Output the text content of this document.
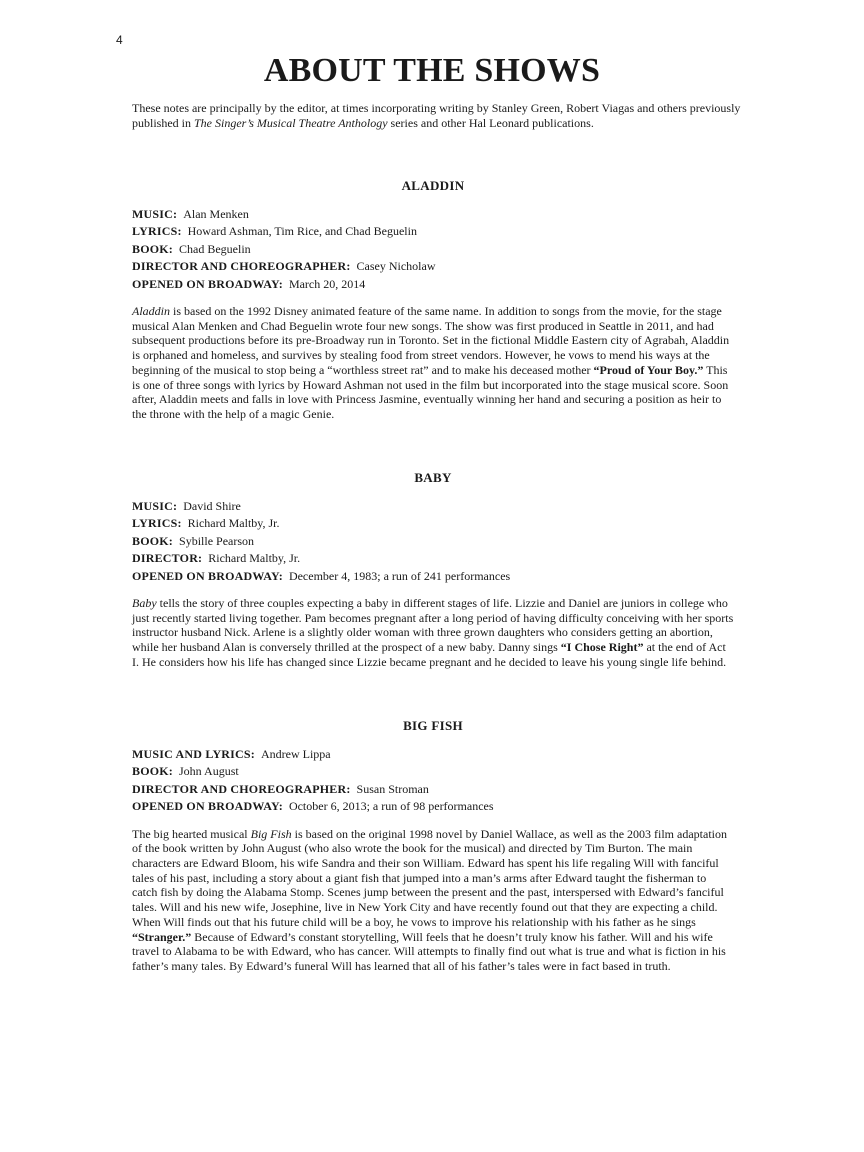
4
ABOUT THE SHOWS

These notes are principally by the editor, at times incorporating writing by Stanley Green, Robert Viagas and others previously published in The Singer’s Musical Theatre Anthology series and other Hal Leonard publications.

ALADDIN
MUSIC: Alan Menken
LYRICS: Howard Ashman, Tim Rice, and Chad Beguelin
BOOK: Chad Beguelin
DIRECTOR AND CHOREOGRAPHER: Casey Nicholaw
OPENED ON BROADWAY: March 20, 2014

Aladdin is based on the 1992 Disney animated feature of the same name. In addition to songs from the movie, for the stage musical Alan Menken and Chad Beguelin wrote four new songs. The show was first produced in Seattle in 2011, and had subsequent productions before its pre-Broadway run in Toronto. Set in the fictional Middle Eastern city of Agrabah, Aladdin is orphaned and homeless, and survives by stealing food from street vendors. However, he vows to mend his ways at the beginning of the musical to stop being a “worthless street rat” and to make his deceased mother “Proud of Your Boy.” This is one of three songs with lyrics by Howard Ashman not used in the film but incorporated into the stage musical score. Soon after, Aladdin meets and falls in love with Princess Jasmine, eventually winning her hand and securing a position as heir to the throne with the help of a magic Genie.

BABY
MUSIC: David Shire
LYRICS: Richard Maltby, Jr.
BOOK: Sybille Pearson
DIRECTOR: Richard Maltby, Jr.
OPENED ON BROADWAY: December 4, 1983; a run of 241 performances

Baby tells the story of three couples expecting a baby in different stages of life. Lizzie and Daniel are juniors in college who just recently started living together. Pam becomes pregnant after a long period of having difficulty conceiving with her sports instructor husband Nick. Arlene is a slightly older woman with three grown daughters who considers getting an abortion, while her husband Alan is conversely thrilled at the prospect of a new baby. Danny sings “I Chose Right” at the end of Act I. He considers how his life has changed since Lizzie became pregnant and he decided to leave his young single life behind.

BIG FISH
MUSIC AND LYRICS: Andrew Lippa
BOOK: John August
DIRECTOR AND CHOREOGRAPHER: Susan Stroman
OPENED ON BROADWAY: October 6, 2013; a run of 98 performances

The big hearted musical Big Fish is based on the original 1998 novel by Daniel Wallace, as well as the 2003 film adaptation of the book written by John August (who also wrote the book for the musical) and directed by Tim Burton. The main characters are Edward Bloom, his wife Sandra and their son William. Edward has spent his life regaling Will with fanciful tales of his past, including a story about a giant fish that jumped into a man’s arms after Edward taught the fisherman to catch fish by doing the Alabama Stomp. Scenes jump between the present and the past, interspersed with Edward’s fanciful tales. Will and his new wife, Josephine, live in New York City and have recently found out that they are expecting a child. When Will finds out that his future child will be a boy, he vows to improve his relationship with his father as he sings “Stranger.” Because of Edward’s constant storytelling, Will feels that he doesn’t truly know his father. Will and his wife travel to Alabama to be with Edward, who has cancer. Will attempts to finally find out what is true and what is fiction in his father’s many tales. By Edward’s funeral Will has learned that all of his father’s tales were in fact based in truth.
